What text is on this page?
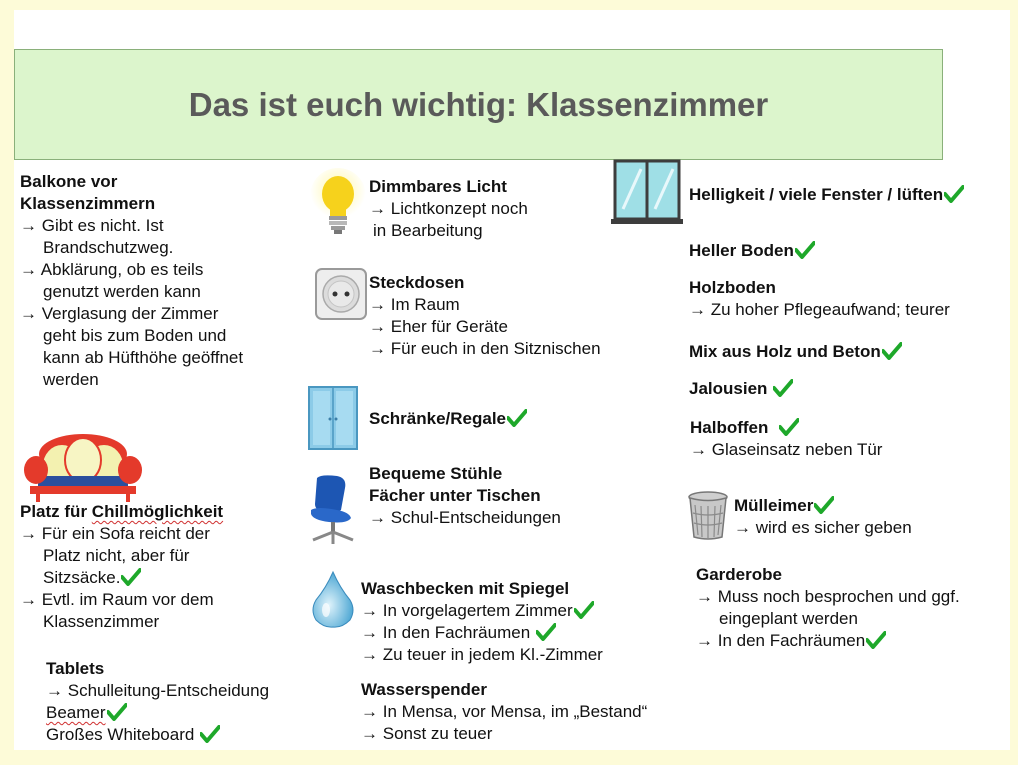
Das ist euch wichtig: Klassenzimmer
Balkone vor
Klassenzimmern
→ Gibt es nicht. Ist
Brandschutzweg.
→ Abklärung, ob es teils
genutzt werden kann
→ Verglasung der Zimmer
geht bis zum Boden und
kann ab Hüfthöhe geöffnet
werden
Platz für Chillmöglichkeit
→ Für ein Sofa reicht der
Platz nicht, aber für
Sitzsäcke.
→ Evtl. im Raum vor dem
Klassenzimmer
Tablets
→ Schulleitung-Entscheidung
Beamer
Großes Whiteboard
Dimmbares Licht
→ Lichtkonzept noch
in Bearbeitung
Steckdosen
→ Im Raum
→ Eher für Geräte
→ Für euch in den Sitznischen
Schränke/Regale
Bequeme Stühle
Fächer unter Tischen
→ Schul-Entscheidungen
Waschbecken mit Spiegel
→ In vorgelagertem Zimmer
→ In den Fachräumen
→ Zu teuer in jedem Kl.-Zimmer
Wasserspender
→ In Mensa, vor Mensa, im „Bestand“
→ Sonst zu teuer
Helligkeit / viele Fenster / lüften
Heller Boden
Holzboden
→ Zu hoher Pflegeaufwand; teurer
Mix aus Holz und Beton
Jalousien
Halboffen
→ Glaseinsatz neben Tür
Mülleimer
→ wird es sicher geben
Garderobe
→ Muss noch besprochen und ggf.
eingeplant werden
→ In den Fachräumen
